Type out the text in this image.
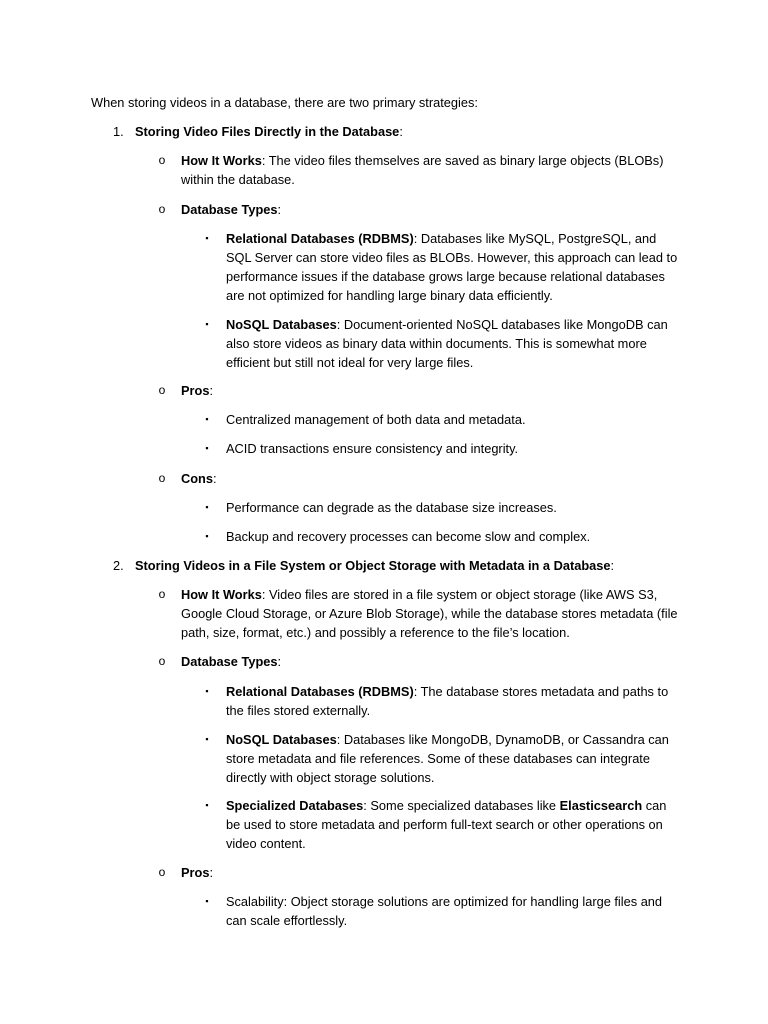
When storing videos in a database, there are two primary strategies:

1. Storing Video Files Directly in the Database:
o How It Works: The video files themselves are saved as binary large objects (BLOBs) within the database.
o Database Types:
▪ Relational Databases (RDBMS): Databases like MySQL, PostgreSQL, and SQL Server can store video files as BLOBs. However, this approach can lead to performance issues if the database grows large because relational databases are not optimized for handling large binary data efficiently.
▪ NoSQL Databases: Document-oriented NoSQL databases like MongoDB can also store videos as binary data within documents. This is somewhat more efficient but still not ideal for very large files.
o Pros:
▪ Centralized management of both data and metadata.
▪ ACID transactions ensure consistency and integrity.
o Cons:
▪ Performance can degrade as the database size increases.
▪ Backup and recovery processes can become slow and complex.
2. Storing Videos in a File System or Object Storage with Metadata in a Database:
o How It Works: Video files are stored in a file system or object storage (like AWS S3, Google Cloud Storage, or Azure Blob Storage), while the database stores metadata (file path, size, format, etc.) and possibly a reference to the file’s location.
o Database Types:
▪ Relational Databases (RDBMS): The database stores metadata and paths to the files stored externally.
▪ NoSQL Databases: Databases like MongoDB, DynamoDB, or Cassandra can store metadata and file references. Some of these databases can integrate directly with object storage solutions.
▪ Specialized Databases: Some specialized databases like Elasticsearch can be used to store metadata and perform full-text search or other operations on video content.
o Pros:
▪ Scalability: Object storage solutions are optimized for handling large files and can scale effortlessly.
